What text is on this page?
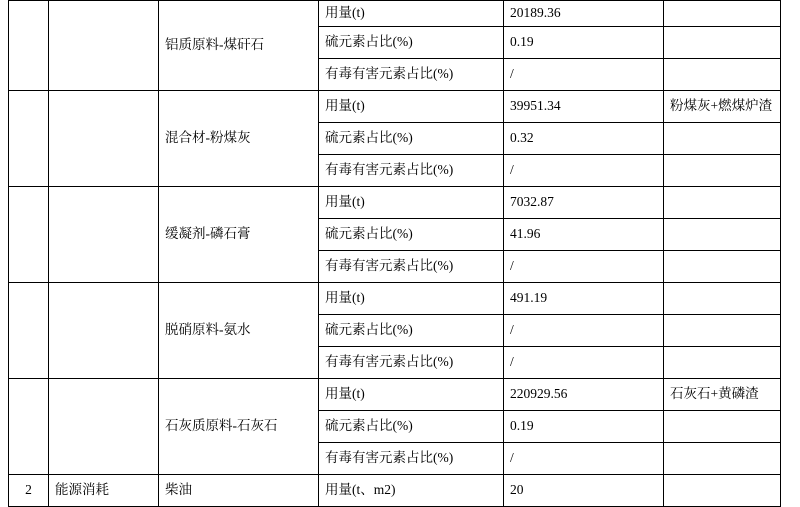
		铝质原料-煤矸石	用量(t)	20189.36	
			硫元素占比(%)	0.19	
			有毒有害元素占比(%)	/	
		混合材-粉煤灰	用量(t)	39951.34	粉煤灰+燃煤炉渣
			硫元素占比(%)	0.32	
			有毒有害元素占比(%)	/	
		缓凝剂-磷石膏	用量(t)	7032.87	
			硫元素占比(%)	41.96	
			有毒有害元素占比(%)	/	
		脱硝原料-氨水	用量(t)	491.19	
			硫元素占比(%)	/	
			有毒有害元素占比(%)	/	
		石灰质原料-石灰石	用量(t)	220929.56	石灰石+黄磷渣
			硫元素占比(%)	0.19	
			有毒有害元素占比(%)	/	
2	能源消耗	柴油	用量(t、m2)	20	
